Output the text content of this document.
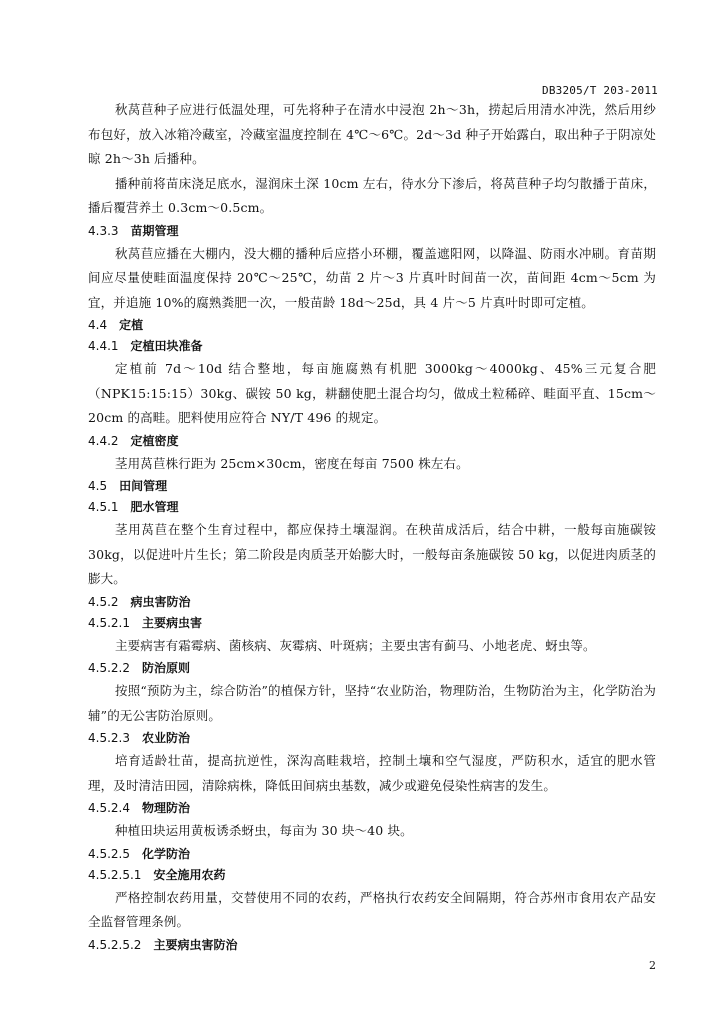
DB3205/T 203-2011

秋莴苣种子应进行低温处理，可先将种子在清水中浸泡 2h～3h，捞起后用清水冲洗，然后用纱布包好，放入冰箱冷藏室，冷藏室温度控制在 4℃～6℃。2d～3d 种子开始露白，取出种子于阴凉处晾 2h～3h 后播种。

播种前将苗床浇足底水，湿润床土深 10cm 左右，待水分下渗后，将莴苣种子均匀散播于苗床，播后覆营养土 0.3cm～0.5cm。

4.3.3 苗期管理

秋莴苣应播在大棚内，没大棚的播种后应搭小环棚，覆盖遮阳网，以降温、防雨水冲刷。育苗期间应尽量使畦面温度保持 20℃～25℃，幼苗 2 片～3 片真叶时间苗一次，苗间距 4cm～5cm 为宜，并追施 10%的腐熟粪肥一次，一般苗龄 18d～25d，具 4 片～5 片真叶时即可定植。

4.4 定植
4.4.1 定植田块准备

定植前 7d～10d 结合整地，每亩施腐熟有机肥 3000kg～4000kg、45%三元复合肥（NPK15:15:15）30kg、碳铵 50 kg，耕翻使肥土混合均匀，做成土粒稀碎、畦面平直、15cm～20cm 的高畦。肥料使用应符合 NY/T 496 的规定。

4.4.2 定植密度

茎用莴苣株行距为 25cm×30cm，密度在每亩 7500 株左右。

4.5 田间管理
4.5.1 肥水管理

茎用莴苣在整个生育过程中，都应保持土壤湿润。在秧苗成活后，结合中耕，一般每亩施碳铵 30kg，以促进叶片生长；第二阶段是肉质茎开始膨大时，一般每亩条施碳铵 50 kg，以促进肉质茎的膨大。

4.5.2 病虫害防治
4.5.2.1 主要病虫害

主要病害有霜霉病、菌核病、灰霉病、叶斑病；主要虫害有蓟马、小地老虎、蚜虫等。

4.5.2.2 防治原则

按照“预防为主，综合防治”的植保方针，坚持“农业防治，物理防治，生物防治为主，化学防治为辅”的无公害防治原则。

4.5.2.3 农业防治

培育适龄壮苗，提高抗逆性，深沟高畦栽培，控制土壤和空气湿度，严防积水，适宜的肥水管理，及时清洁田园，清除病株，降低田间病虫基数，减少或避免侵染性病害的发生。

4.5.2.4 物理防治

种植田块运用黄板诱杀蚜虫，每亩为 30 块～40 块。

4.5.2.5 化学防治
4.5.2.5.1 安全施用农药

严格控制农药用量，交替使用不同的农药，严格执行农药安全间隔期，符合苏州市食用农产品安全监督管理条例。

4.5.2.5.2 主要病虫害防治
2
